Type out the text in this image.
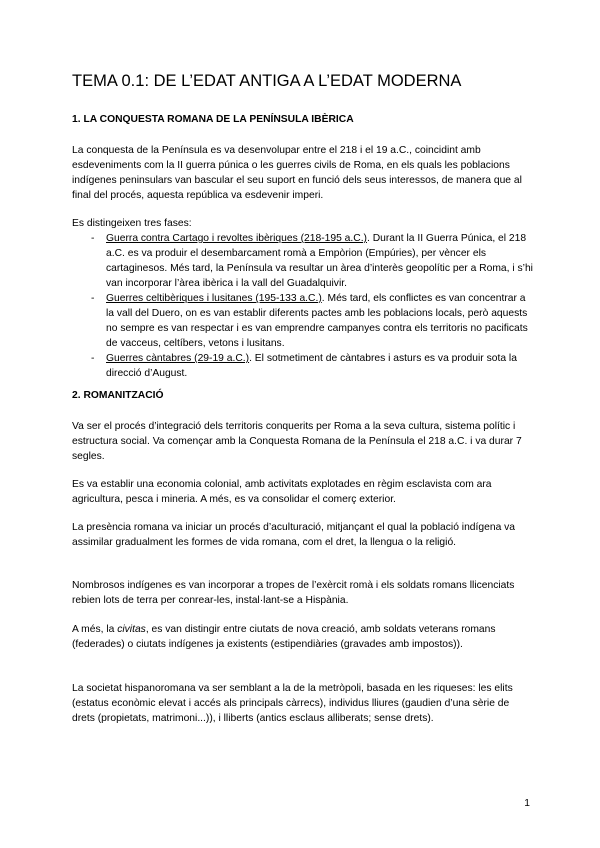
TEMA 0.1: DE L’EDAT ANTIGA A L’EDAT MODERNA
1. LA CONQUESTA ROMANA DE LA PENÍNSULA IBÈRICA

La conquesta de la Península es va desenvolupar entre el 218 i el 19 a.C., coincidint amb esdeveniments com la II guerra púnica o les guerres civils de Roma, en els quals les poblacions indígenes peninsulars van bascular el seu suport en funció dels seus interessos, de manera que al final del procés, aquesta república va esdevenir imperi.

Es distingeixen tres fases:

- Guerra contra Cartago i revoltes ibèriques (218-195 a.C.). Durant la II Guerra Púnica, el 218 a.C. es va produir el desembarcament romà a Empòrion (Empúries), per vèncer els cartaginesos. Més tard, la Península va resultar un àrea d’interès geopolític per a Roma, i s’hi van incorporar l’àrea ibèrica i la vall del Guadalquivir.
- Guerres celtibèriques i lusitanes (195-133 a.C.). Més tard, els conflictes es van concentrar a la vall del Duero, on es van establir diferents pactes amb les poblacions locals, però aquests no sempre es van respectar i es van emprendre campanyes contra els territoris no pacificats de vacceus, celtíbers, vetons i lusitans.
- Guerres càntabres (29-19 a.C.). El sotmetiment de càntabres i asturs es va produir sota la direcció d’August.
2. ROMANITZACIÓ

Va ser el procés d’integració dels territoris conquerits per Roma a la seva cultura, sistema polític i estructura social. Va començar amb la Conquesta Romana de la Península el 218 a.C. i va durar 7 segles.

Es va establir una economia colonial, amb activitats explotades en règim esclavista com ara agricultura, pesca i mineria. A més, es va consolidar el comerç exterior.

La presència romana va iniciar un procés d’aculturació, mitjançant el qual la població indígena va assimilar gradualment les formes de vida romana, com el dret, la llengua o la religió.

Nombrosos indígenes es van incorporar a tropes de l’exèrcit romà i els soldats romans llicenciats rebien lots de terra per conrear-les, instal·lant-se a Hispània.

A més, la civitas, es van distingir entre ciutats de nova creació, amb soldats veterans romans (federades) o ciutats indígenes ja existents (estipendiàries (gravades amb impostos)).

La societat hispanoromana va ser semblant a la de la metròpoli, basada en les riqueses: les elits (estatus econòmic elevat i accés als principals càrrecs), individus lliures (gaudien d’una sèrie de drets (propietats, matrimoni...)), i lliberts (antics esclaus alliberats; sense drets).

1
